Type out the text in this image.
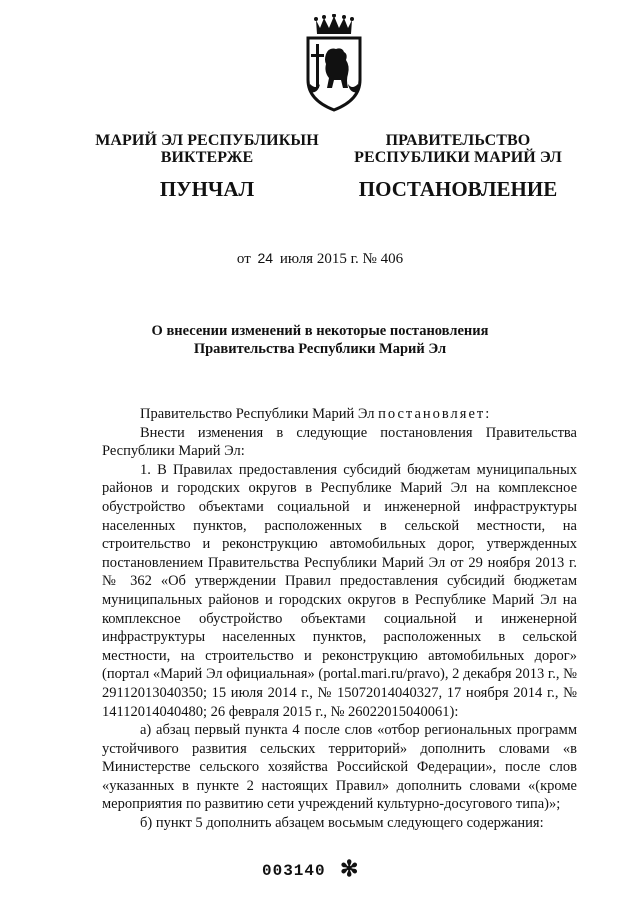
МАРИЙ ЭЛ РЕСПУБЛИКЫН
ВИКТЕРЖЕ
ПУНЧАЛ
ПРАВИТЕЛЬСТВО
РЕСПУБЛИКИ МАРИЙ ЭЛ
ПОСТАНОВЛЕНИЕ
от 24 июля 2015 г. № 406
О внесении изменений в некоторые постановления
Правительства Республики Марий Эл

Правительство Республики Марий Эл постановляет:

Внести изменения в следующие постановления Правительства Республики Марий Эл:

1. В Правилах предоставления субсидий бюджетам муниципальных районов и городских округов в Республике Марий Эл на комплексное обустройство объектами социальной и инженерной инфраструктуры населенных пунктов, расположенных в сельской местности, на строительство и реконструкцию автомобильных дорог, утвержденных постановлением Правительства Республики Марий Эл от 29 ноября 2013 г. № 362 «Об утверждении Правил предоставления субсидий бюджетам муниципальных районов и городских округов в Республике Марий Эл на комплексное обустройство объектами социальной и инженерной инфраструктуры населенных пунктов, расположенных в сельской местности, на строительство и реконструкцию автомобильных дорог» (портал «Марий Эл официальная» (portal.mari.ru/pravo), 2 декабря 2013 г., № 29112013040350; 15 июля 2014 г., № 15072014040327, 17 ноября 2014 г., № 14112014040480; 26 февраля 2015 г., № 26022015040061):

а) абзац первый пункта 4 после слов «отбор региональных программ устойчивого развития сельских территорий» дополнить словами «в Министерстве сельского хозяйства Российской Федерации», после слов «указанных в пункте 2 настоящих Правил» дополнить словами «(кроме мероприятия по развитию сети учреждений культурно-досугового типа)»;

б) пункт 5 дополнить абзацем восьмым следующего содержания:

003140 ✻
